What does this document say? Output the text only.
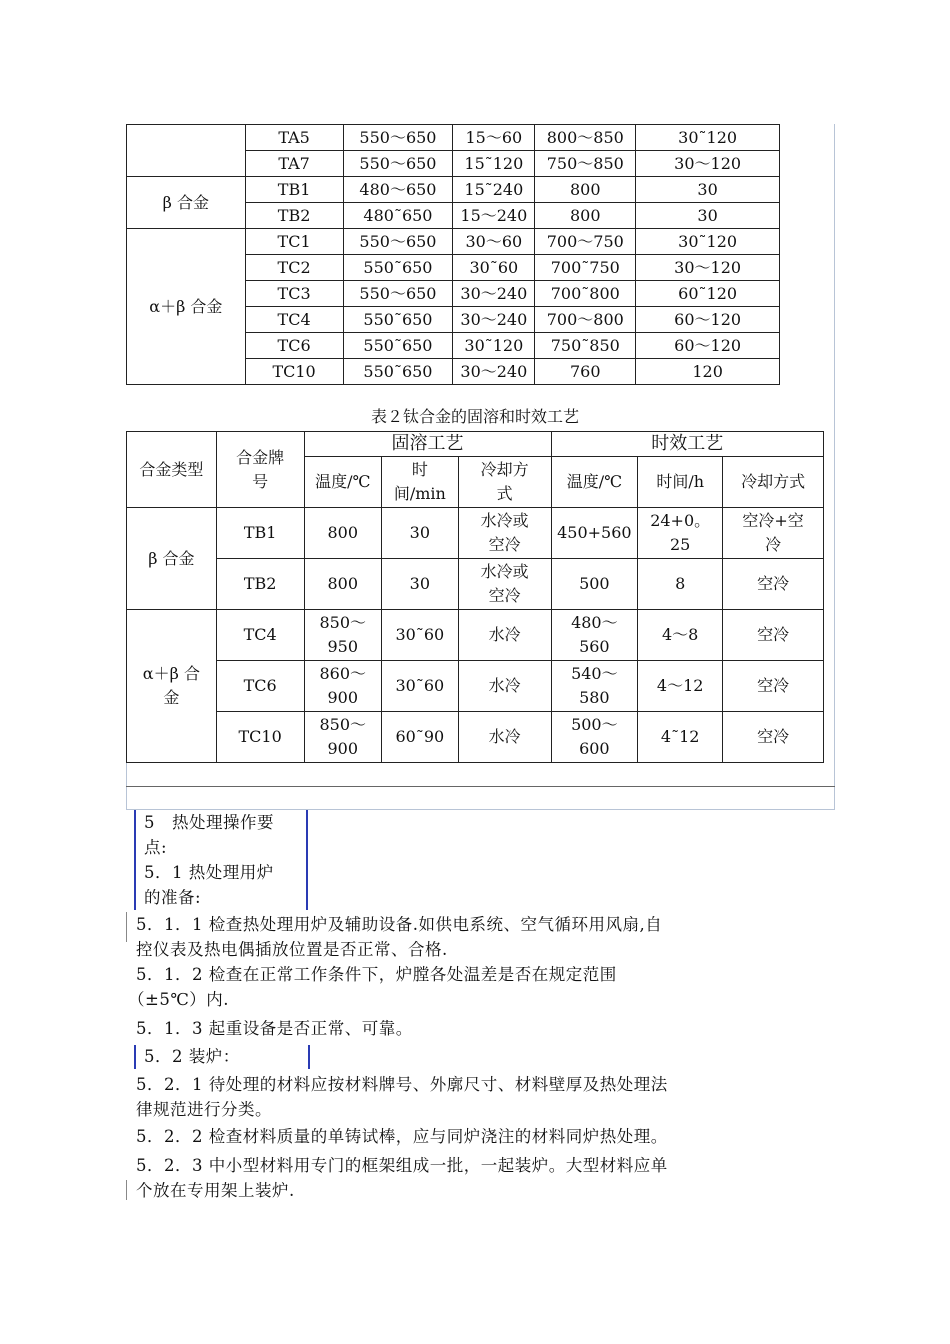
	TA5	550～650	15～60	800～850	30˜120
	TA7	550～650	15˜120	750～850	30～120
β 合金	TB1	480～650	15˜240	800	30
	TB2	480˜650	15～240	800	30
α＋β 合金	TC1	550～650	30～60	700～750	30˜120
	TC2	550˜650	30˜60	700˜750	30～120
	TC3	550～650	30～240	700˜800	60˜120
	TC4	550˜650	30～240	700～800	60～120
	TC6	550˜650	30˜120	750˜850	60～120
	TC10	550˜650	30～240	760	120
表２钛合金的固溶和时效工艺
合金类型	合金牌号	固溶工艺			时效工艺		
		温度/℃	时间/min	冷却方式	温度/℃	时间/h	冷却方式
β 合金	TB1	800	30	水冷或空冷	450+560	24+0。25	空冷+空冷
	TB2	800	30	水冷或空冷	500	8	空冷
α＋β 合金	TC4	850～950	30˜60	水冷	480～560	4～8	空冷
	TC6	860～900	30˜60	水冷	540～580	4～12	空冷
	TC10	850～900	60˜90	水冷	500～600	4˜12	空冷
5　热处理操作要
点:
5．1 热处理用炉
的准备:
5．1．1 检查热处理用炉及辅助设备.如供电系统、空气循环用风扇,自
控仪表及热电偶插放位置是否正常、合格.
5．1．2 检查在正常工作条件下，炉膛各处温差是否在规定范围
（±5℃）内.
5．1．3 起重设备是否正常、可靠。
5．2 装炉：
5．2．1 待处理的材料应按材料牌号、外廓尺寸、材料壁厚及热处理法
律规范进行分类。
5．2．2 检查材料质量的单铸试棒，应与同炉浇注的材料同炉热处理。
5．2．3 中小型材料用专门的框架组成一批，一起装炉。大型材料应单
个放在专用架上装炉.
